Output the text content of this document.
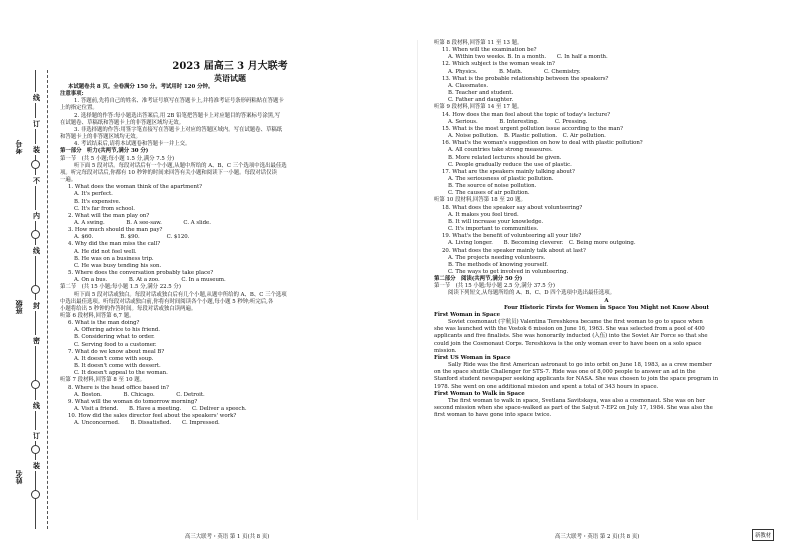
考号
班级
姓名
线
订
装
不
内
线
封
密
线
订
装

2023 届高三 3 月大联考

英语试题

本试题卷共 8 页。全卷满分 150 分。考试用时 120 分钟。

注意事项:

1. 答题前,先将自己的姓名、准考证号填写在答题卡上,并将准考证号条形码粘贴在答题卡

上的指定位置。

2. 选择题的作答:每小题选出答案后,用 2B 铅笔把答题卡上对应题目的答案标号涂黑,写

在试题卷、草稿纸和答题卡上的非答题区域均无效。

3. 非选择题的作答:用签字笔直接写在答题卡上对应的答题区域内。写在试题卷、草稿纸

和答题卡上的非答题区域均无效。

4. 考试结束后,请将本试题卷和答题卡一并上交。

第一部分　听力(共两节,满分 30 分)

第一节　(共 5 小题;每小题 1.5 分,满分 7.5 分)

听下面 5 段对话。每段对话后有一个小题,从题中所给的 A、B、C 三个选项中选出最佳选

项。听完每段对话后,你都有 10 秒钟的时间来回答有关小题和阅读下一小题。每段对话仅读

一遍。

1. What does the woman think of the apartment?

A. It's perfect.

B. It's expensive.

C. It's far from school.

2. What will the man play on?

A. A swing.　　　　B. A see-saw.　　　　C. A slide.

3. How much should the man pay?

A. $60.　　　　　B. $90.　　　　　C. $120.

4. Why did the man miss the call?

A. He did not feel well.

B. He was on a business trip.

C. He was busy tending his son.

5. Where does the conversation probably take place?

A. On a bus.　　　　B. At a zoo.　　　　C. In a museum.

第二节　(共 15 小题;每小题 1.5 分,满分 22.5 分)

听下面 5 段对话或独白。每段对话或独白后有几个小题,从题中所给的 A、B、C 三个选项

中选出最佳选项。听每段对话或独白前,你将有时间阅读各个小题,每小题 5 秒钟;听完后,各

小题将给出 5 秒钟的作答时间。每段对话或独白读两遍。

听第 6 段材料,回答第 6,7 题。

6. What is the man doing?

A. Offering advice to his friend.

B. Considering what to order.

C. Serving food to a customer.

7. What do we know about meal B?

A. It doesn't come with soup.

B. It doesn't come with dessert.

C. It doesn't appeal to the woman.

听第 7 段材料,回答第 8 至 10 题。

8. Where is the head office based in?

A. Boston.　　　　B. Chicago.　　　　C. Detroit.

9. What will the woman do tomorrow morning?

A. Visit a friend.　　B. Have a meeting.　　C. Deliver a speech.

10. How did the sales director feel about the speakers' work?

A. Unconcerned.　　B. Dissatisfied.　　C. Impressed.

听第 8 段材料,回答第 11 至 13 题。

11. When will the examination be?

A. Within two weeks. B. In a month.　　C. In half a month.

12. Which subject is the woman weak in?

A. Physics.　　　　B. Math.　　　　C. Chemistry.

13. What is the probable relationship between the speakers?

A. Classmates.

B. Teacher and student.

C. Father and daughter.

听第 9 段材料,回答第 14 至 17 题。

14. How does the man feel about the topic of today's lecture?

A. Serious.　　　　B. Interesting.　　　C. Pressing.

15. What is the most urgent pollution issue according to the man?

A. Noise pollution.　B. Plastic pollution.　C. Air pollution.

16. What's the woman's suggestion on how to deal with plastic pollution?

A. All countries take strong measures.

B. More related lectures should be given.

C. People gradually reduce the use of plastic.

17. What are the speakers mainly talking about?

A. The seriousness of plastic pollution.

B. The source of noise pollution.

C. The causes of air pollution.

听第 10 段材料,回答第 18 至 20 题。

18. What does the speaker say about volunteering?

A. It makes you feel tired.

B. It will increase your knowledge.

C. It's important to communities.

19. What's the benefit of volunteering all your life?

A. Living longer.　　B. Becoming cleverer.　C. Being more outgoing.

20. What does the speaker mainly talk about at last?

A. The projects needing volunteers.

B. The methods of knowing yourself.

C. The ways to get involved in volunteering.

第二部分　阅读(共两节,满分 50 分)

第一节　(共 15 小题;每小题 2.5 分,满分 37.5 分)

阅读下列短文,从每题所给的 A、B、C、D 四个选项中选出最佳选项。

A

Four Historic Firsts for Women in Space You Might not Know About

First Woman in Space

Soviet cosmonaut (宇航员) Valentina Tereshkova became the first woman to go to space when

she was launched with the Vostok 6 mission on June 16, 1963. She was selected from a pool of 400

applicants and five finalists. She was honorarily inducted (入伍) into the Soviet Air Force so that she

could join the Cosmonaut Corps. Tereshkova is the only woman ever to have been on a solo space

mission.

First US Woman in Space

Sally Ride was the first American astronaut to go into orbit on June 18, 1983, as a crew member

on the space shuttle Challenger for STS-7. Ride was one of 8,000 people to answer an ad in the

Stanford student newspaper seeking applicants for NASA. She was chosen to join the space program in

1978. She went on one additional mission and spent a total of 343 hours in space.

First Woman to Walk in Space

The first woman to walk in space, Svetlana Savitskaya, was also a cosmonaut. She was on her

second mission when she space-walked as part of the Salyut 7-EP2 on July 17, 1984. She was also the

first woman to have gone into space twice.

高三大联考・英语 第 1 页(共 8 页)	高三大联考・英语 第 2 页(共 8 页)	新教材
